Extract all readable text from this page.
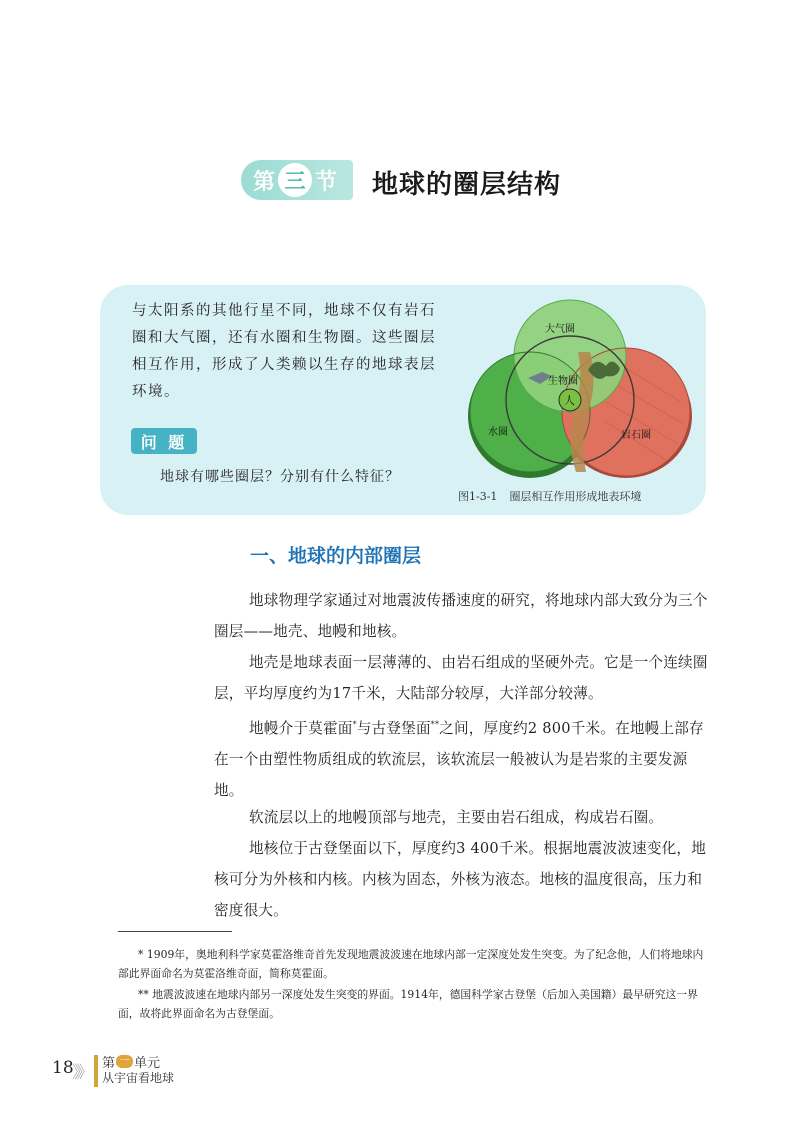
第 三 节 地球的圈层结构

与太阳系的其他行星不同，地球不仅有岩石圈和大气圈，还有水圈和生物圈。这些圈层相互作用，形成了人类赖以生存的地球表层环境。

问 题
地球有哪些圈层？分别有什么特征？
大气圈
生物圈
人
水圈	岩石圈
图1-3-1 圈层相互作用形成地表环境
一、地球的内部圈层

地球物理学家通过对地震波传播速度的研究，将地球内部大致分为三个圈层——地壳、地幔和地核。

地壳是地球表面一层薄薄的、由岩石组成的坚硬外壳。它是一个连续圈层，平均厚度约为17千米，大陆部分较厚，大洋部分较薄。

地幔介于莫霍面*与古登堡面**之间，厚度约2 800千米。在地幔上部存在一个由塑性物质组成的软流层，该软流层一般被认为是岩浆的主要发源地。

软流层以上的地幔顶部与地壳，主要由岩石组成，构成岩石圈。

地核位于古登堡面以下，厚度约3 400千米。根据地震波波速变化，地核可分为外核和内核。内核为固态，外核为液态。地核的温度很高，压力和密度很大。

* 1909年，奥地利科学家莫霍洛维奇首先发现地震波波速在地球内部一定深度处发生突变。为了纪念他，人们将地球内部此界面命名为莫霍洛维奇面，简称莫霍面。

** 地震波波速在地球内部另一深度处发生突变的界面。1914年，德国科学家古登堡（后加入美国籍）最早研究这一界面，故将此界面命名为古登堡面。

18
》》 第 一 单元
从宇宙看地球
